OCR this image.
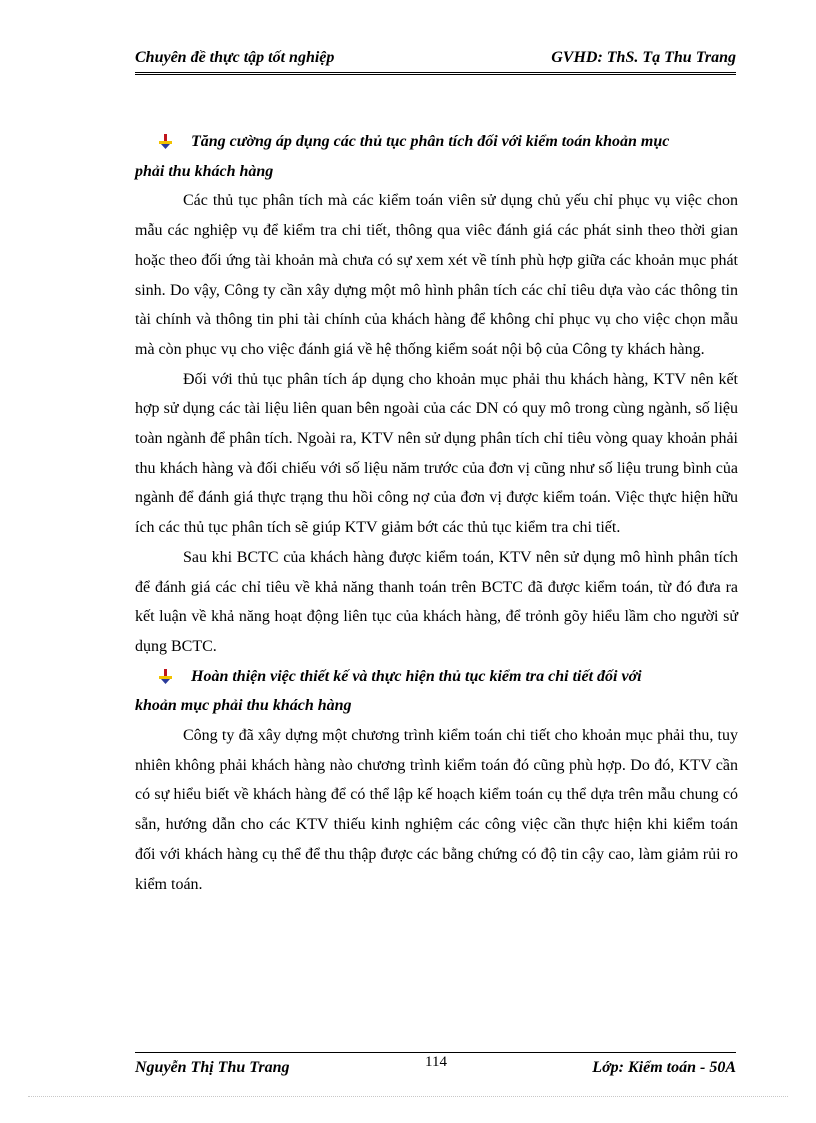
Chuyên đề thực tập tốt nghiệp	GVHD: ThS. Tạ Thu Trang
Tăng cường áp dụng các thủ tục phân tích đối với kiểm toán khoản mục
phải thu khách hàng

Các thủ tục phân tích mà các kiểm toán viên sử dụng chủ yếu chỉ phục vụ việc chon mẫu các nghiệp vụ để kiểm tra chi tiết, thông qua viêc đánh giá các phát sinh theo thời gian hoặc theo đối ứng tài khoản mà chưa có sự xem xét về tính phù hợp giữa các khoản mục phát sinh. Do vậy, Công ty cần xây dựng một mô hình phân tích các chỉ tiêu dựa vào các thông tin tài chính và thông tin phi tài chính của khách hàng để không chỉ phục vụ cho việc chọn mẫu mà còn phục vụ cho việc đánh giá về hệ thống kiểm soát nội bộ của Công ty khách hàng.

Đối với thủ tục phân tích áp dụng cho khoản mục phải thu khách hàng, KTV nên kết hợp sử dụng các tài liệu liên quan bên ngoài của các DN có quy mô trong cùng ngành, số liệu toàn ngành để phân tích. Ngoài ra, KTV nên sử dụng phân tích chỉ tiêu vòng quay khoản phải thu khách hàng và đối chiếu với số liệu năm trước của đơn vị cũng như số liệu trung bình của ngành để đánh giá thực trạng thu hồi công nợ của đơn vị được kiểm toán. Việc thực hiện hữu ích các thủ tục phân tích sẽ giúp KTV giảm bớt các thủ tục kiểm tra chi tiết.

Sau khi BCTC của khách hàng được kiểm toán, KTV nên sử dụng mô hình phân tích để đánh giá các chỉ tiêu về khả năng thanh toán trên BCTC đã được kiểm toán, từ đó đưa ra kết luận về khả năng hoạt động liên tục của khách hàng, để trỏnh gõy hiểu lầm cho người sử dụng BCTC.

Hoàn thiện việc thiết kế và thực hiện thủ tục kiểm tra chi tiết đối với
khoản mục phải thu khách hàng

Công ty đã xây dựng một chương trình kiểm toán chi tiết cho khoản mục phải thu, tuy nhiên không phải khách hàng nào chương trình kiểm toán đó cũng phù hợp. Do đó, KTV cần có sự hiểu biết về khách hàng để có thể lập kế hoạch kiểm toán cụ thể dựa trên mẫu chung có sẵn, hướng dẫn cho các KTV thiếu kinh nghiệm các công việc cần thực hiện khi kiểm toán đối với khách hàng cụ thể để thu thập được các bằng chứng có độ tin cậy cao, làm giảm rủi ro kiểm toán.

Nguyễn Thị Thu Trang	114	Lớp: Kiểm toán - 50A
